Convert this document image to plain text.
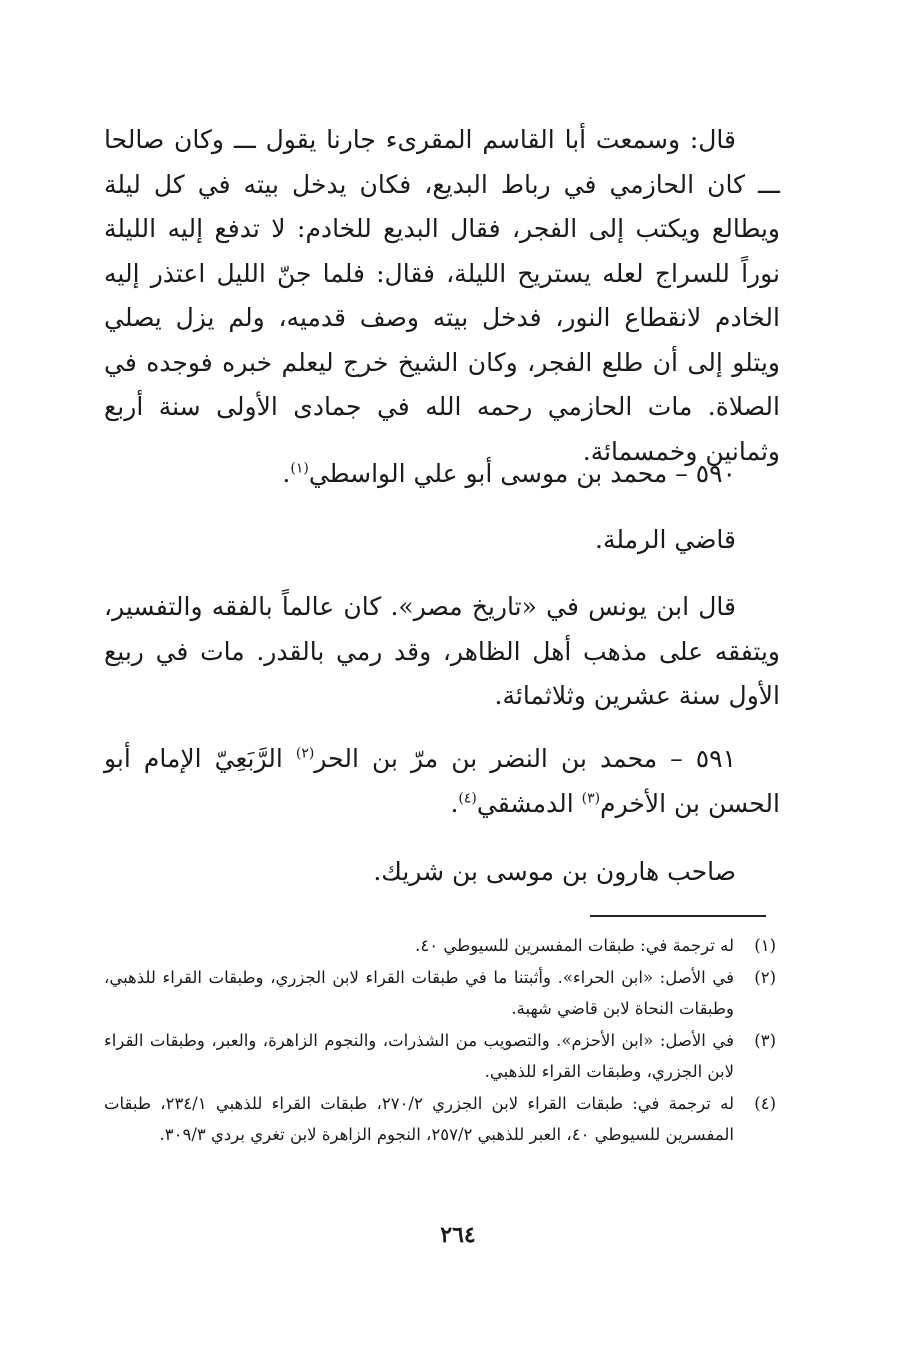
قال: وسمعت أبا القاسم المقرىء جارنا يقول ـــ وكان صالحا ـــ كان الحازمي في رباط البديع، فكان يدخل بيته في كل ليلة ويطالع ويكتب إلى الفجر، فقال البديع للخادم: لا تدفع إليه الليلة نوراً للسراج لعله يستريح الليلة، فقال: فلما جنّ الليل اعتذر إليه الخادم لانقطاع النور، فدخل بيته وصف قدميه، ولم يزل يصلي ويتلو إلى أن طلع الفجر، وكان الشيخ خرج ليعلم خبره فوجده في الصلاة. مات الحازمي رحمه الله في جمادى الأولى سنة أربع وثمانين وخمسمائة.

٥٩٠ – محمد بن موسى أبو علي الواسطي$^{(١)}$.

قاضي الرملة.

قال ابن يونس في «تاريخ مصر». كان عالماً بالفقه والتفسير، ويتفقه على مذهب أهل الظاهر، وقد رمي بالقدر. مات في ربيع الأول سنة عشرين وثلاثمائة.

٥٩١ – محمد بن النضر بن مرّ بن الحر$^{(٢)}$ الرَّبَعِيّ الإمام أبو الحسن بن الأخرم$^{(٣)}$ الدمشقي$^{(٤)}$.

صاحب هارون بن موسى بن شريك.

(١)
له ترجمة في: طبقات المفسرين للسيوطي ٤٠.
(٢)
في الأصل: «ابن الحراء». وأثبتنا ما في طبقات القراء لابن الجزري، وطبقات القراء للذهبي، وطبقات النحاة لابن قاضي شهبة.
(٣)
في الأصل: «ابن الأحزم». والتصويب من الشذرات، والنجوم الزاهرة، والعبر، وطبقات القراء لابن الجزري، وطبقات القراء للذهبي.
(٤)
له ترجمة في: طبقات القراء لابن الجزري ٢٧٠/٢، طبقات القراء للذهبي ٢٣٤/١، طبقات المفسرين للسيوطي ٤٠، العبر للذهبي ٢٥٧/٢، النجوم الزاهرة لابن تغري بردي ٣٠٩/٣.
٢٦٤
